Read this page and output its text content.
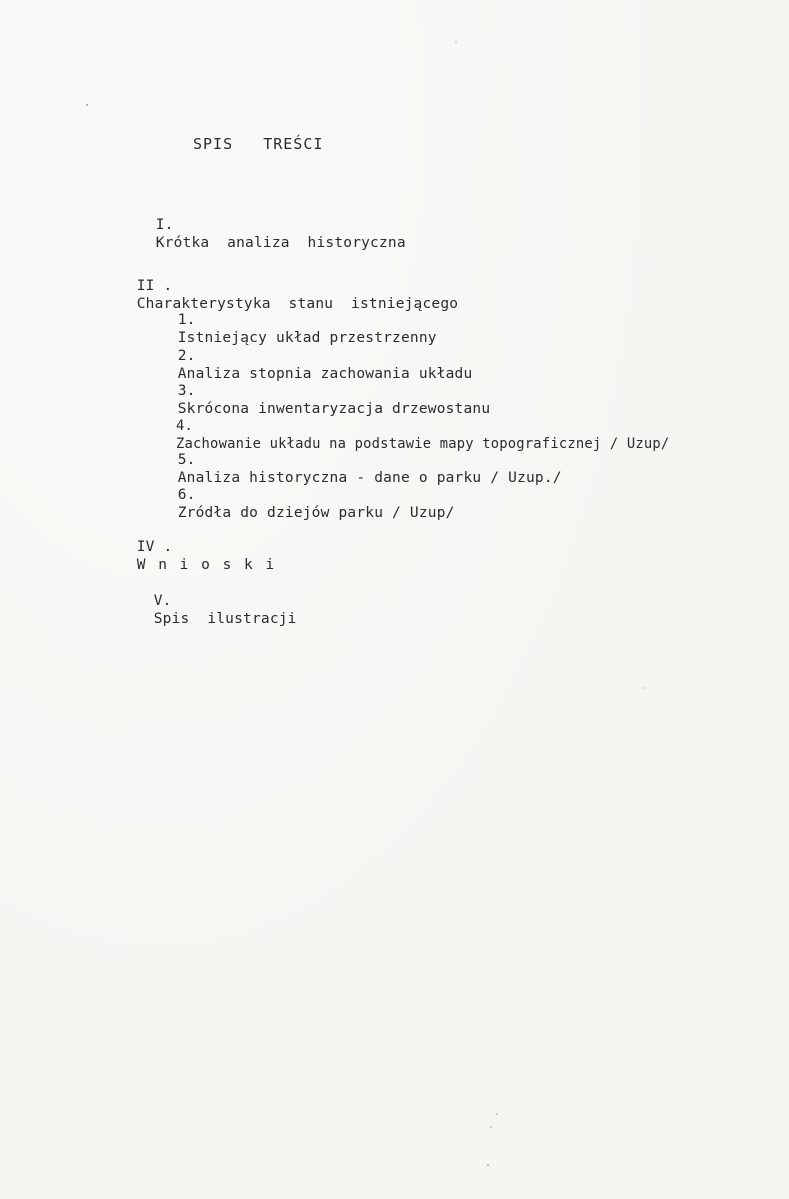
SPIS   TREŚCI

I.
Krótka  analiza  historyczna

II .
Charakterystyka  stanu  istniejącego

1.
Istniejący układ przestrzenny

2.
Analiza stopnia zachowania układu

3.
Skrócona inwentaryzacja drzewostanu

4.
Zachowanie układu na podstawie mapy topograficznej / Uzup/

5.
Analiza historyczna - dane o parku / Uzup./

6.
Zródła do dziejów parku / Uzup/

IV .
W n i o s k i

V.
Spis  ilustracji
